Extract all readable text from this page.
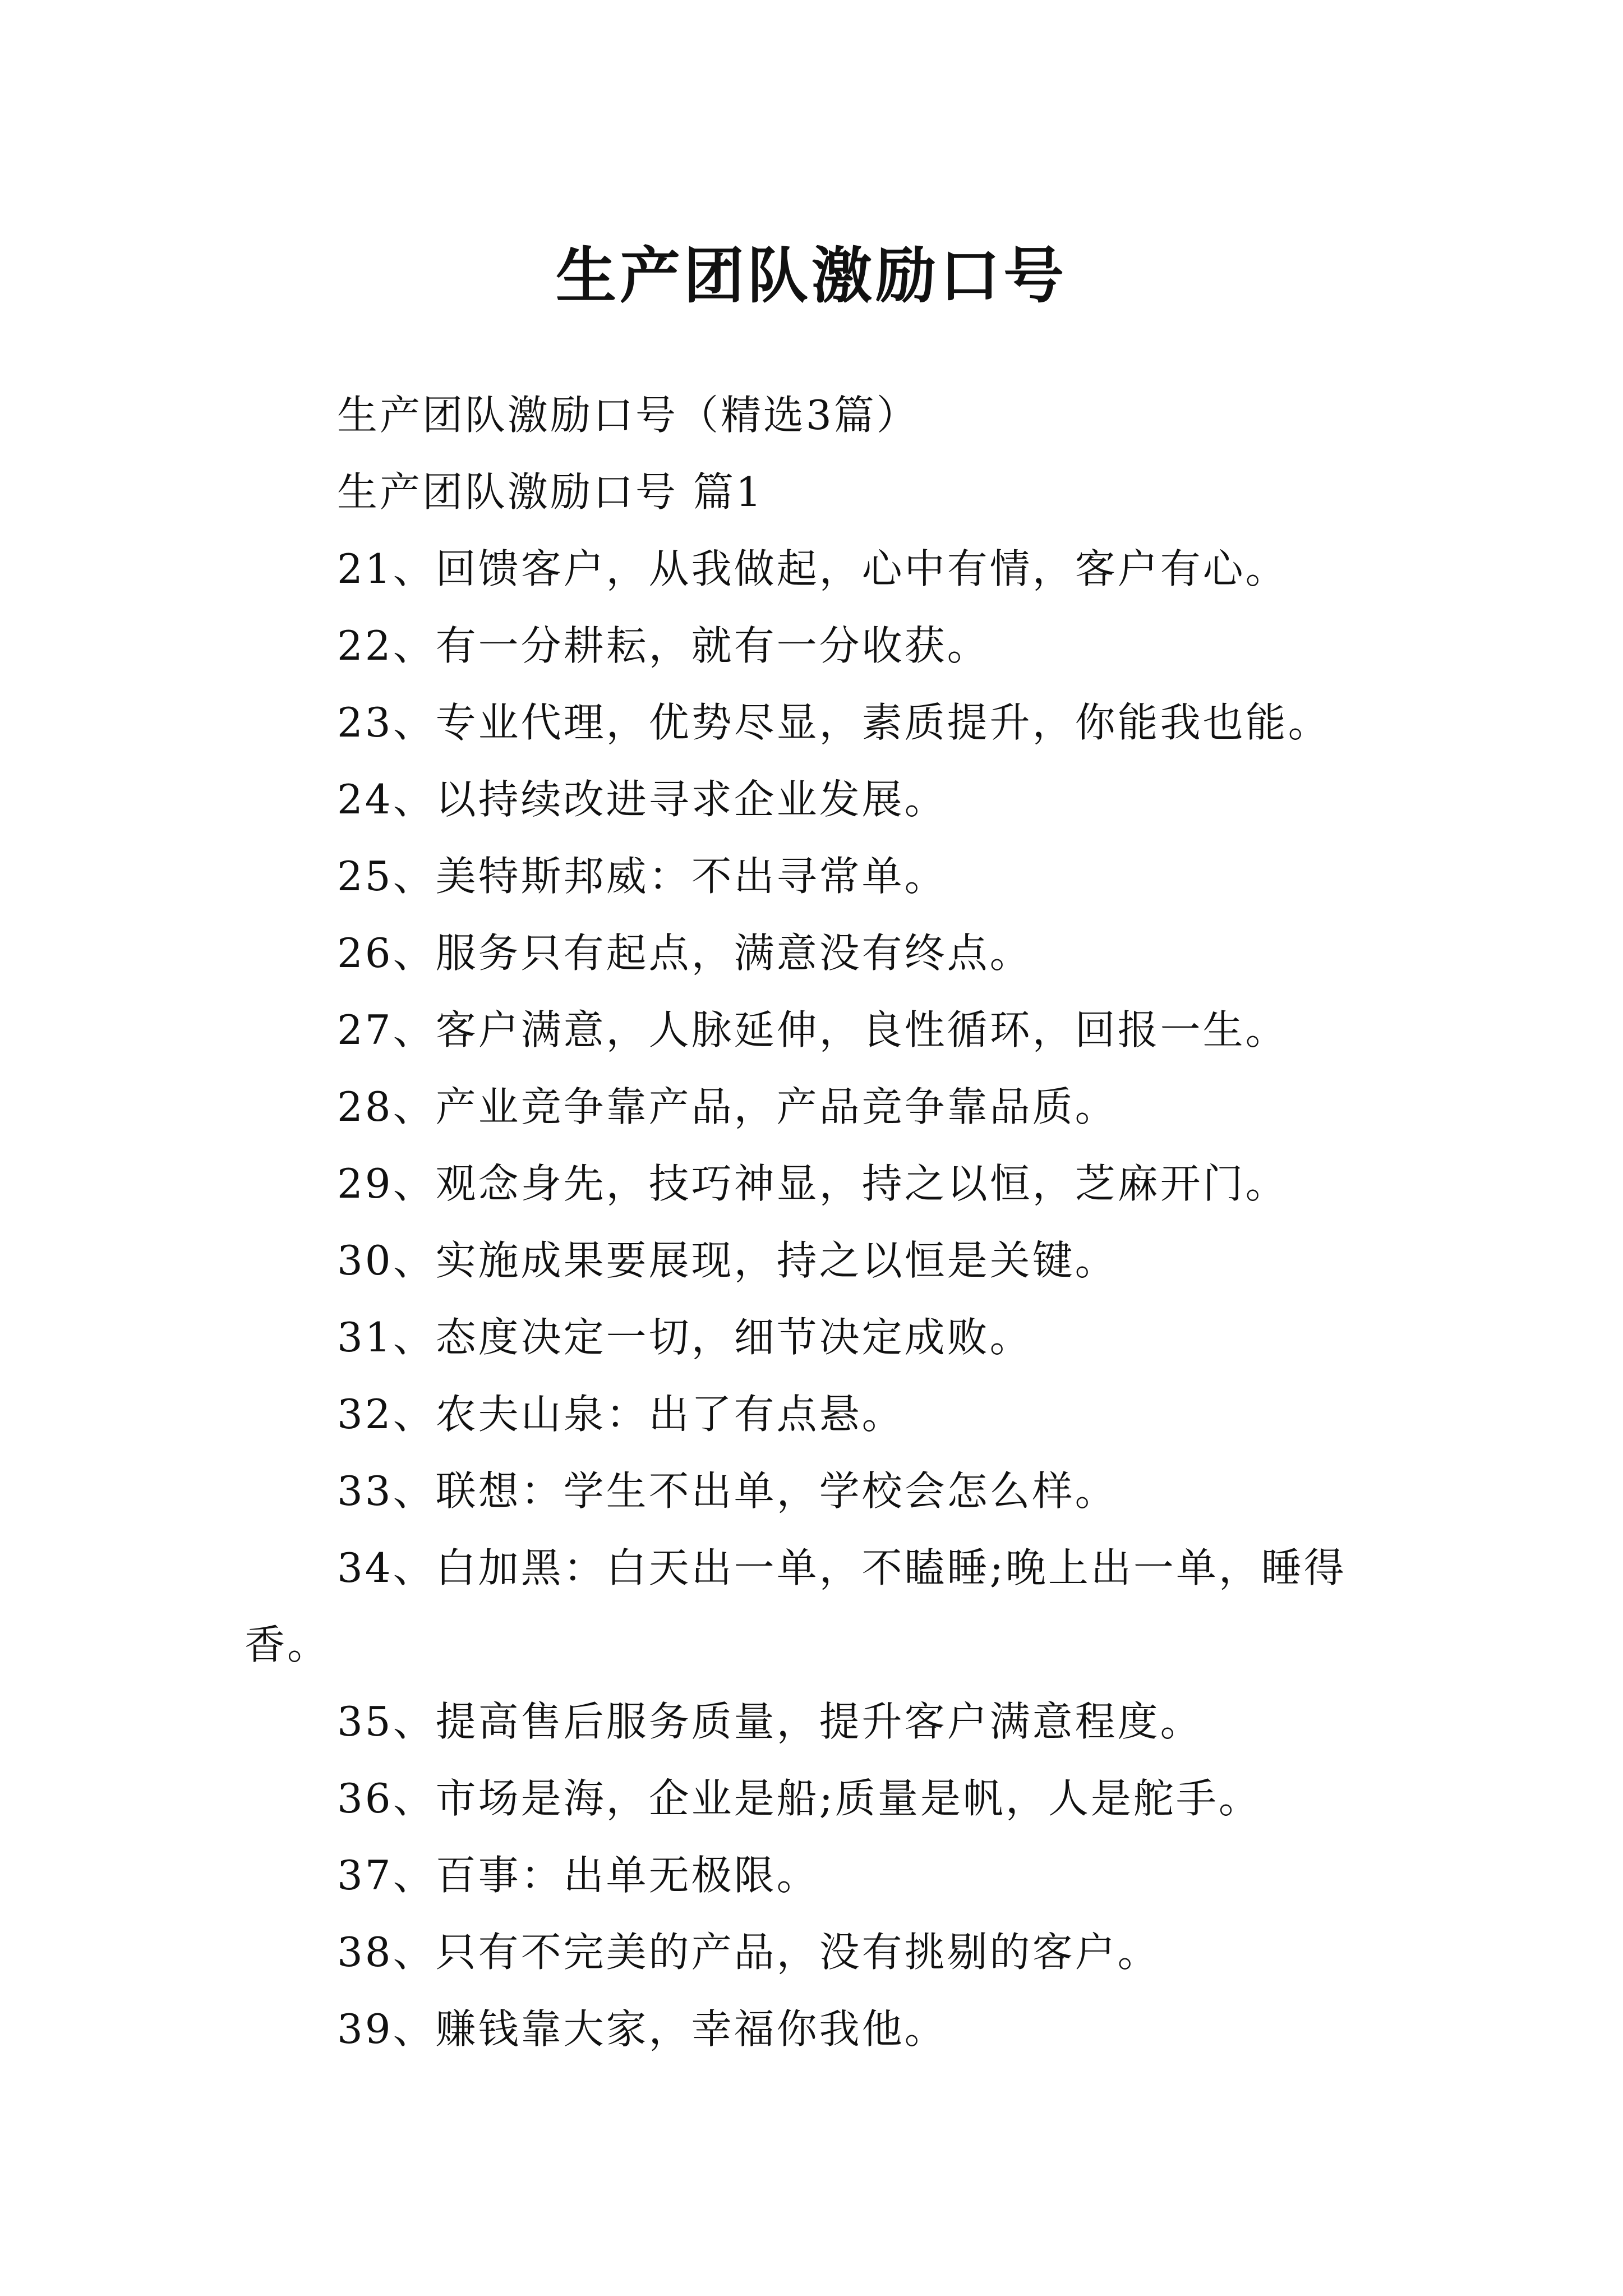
生产团队激励口号

生产团队激励口号（精选3篇）

生产团队激励口号 篇1

21、回馈客户，从我做起，心中有情，客户有心。

22、有一分耕耘，就有一分收获。

23、专业代理，优势尽显，素质提升，你能我也能。

24、以持续改进寻求企业发展。

25、美特斯邦威：不出寻常单。

26、服务只有起点，满意没有终点。

27、客户满意，人脉延伸，良性循环，回报一生。

28、产业竞争靠产品，产品竞争靠品质。

29、观念身先，技巧神显，持之以恒，芝麻开门。

30、实施成果要展现，持之以恒是关键。

31、态度决定一切，细节决定成败。

32、农夫山泉：出了有点悬。

33、联想：学生不出单，学校会怎么样。

34、白加黑：白天出一单，不瞌睡;晚上出一单，睡得香。

35、提高售后服务质量，提升客户满意程度。

36、市场是海，企业是船;质量是帆，人是舵手。

37、百事：出单无极限。

38、只有不完美的产品，没有挑剔的客户。

39、赚钱靠大家，幸福你我他。
